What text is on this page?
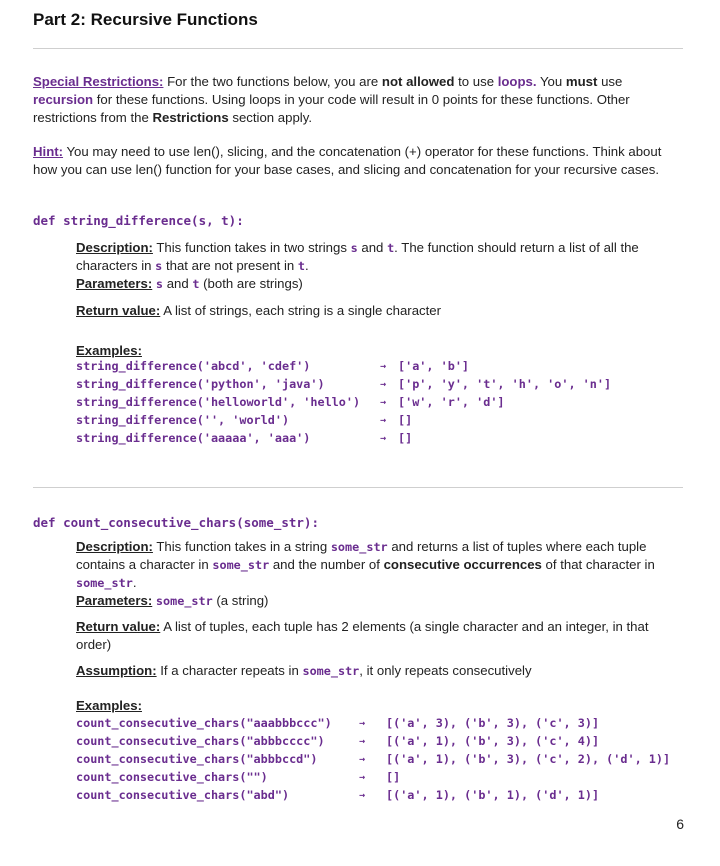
Part 2: Recursive Functions
Special Restrictions: For the two functions below, you are not allowed to use loops. You must use recursion for these functions. Using loops in your code will result in 0 points for these functions. Other restrictions from the Restrictions section apply.
Hint: You may need to use len(), slicing, and the concatenation (+) operator for these functions. Think about how you can use len() function for your base cases, and slicing and concatenation for your recursive cases.
def string_difference(s, t):
Description: This function takes in two strings s and t. The function should return a list of all the characters in s that are not present in t.
Parameters: s and t (both are strings)
Return value: A list of strings, each string is a single character
Examples:
string_difference('abcd', 'cdef')	→ ['a', 'b']
string_difference('python', 'java')	→ ['p', 'y', 't', 'h', 'o', 'n']
string_difference('helloworld', 'hello') → ['w', 'r', 'd']
string_difference('', 'world')	→ []
string_difference('aaaaa', 'aaa')	→ []
def count_consecutive_chars(some_str):
Description: This function takes in a string some_str and returns a list of tuples where each tuple contains a character in some_str and the number of consecutive occurrences of that character in some_str.
Parameters: some_str (a string)
Return value: A list of tuples, each tuple has 2 elements (a single character and an integer, in that order)
Assumption: If a character repeats in some_str, it only repeats consecutively
Examples:
count_consecutive_chars("aaabbbccc")	→ [('a', 3), ('b', 3), ('c', 3)]
count_consecutive_chars("abbbcccc")	→ [('a', 1), ('b', 3), ('c', 4)]
count_consecutive_chars("abbbccd")	→ [('a', 1), ('b', 3), ('c', 2), ('d', 1)]
count_consecutive_chars("")	→ []
count_consecutive_chars("abd")	→ [('a', 1), ('b', 1), ('d', 1)]
6
